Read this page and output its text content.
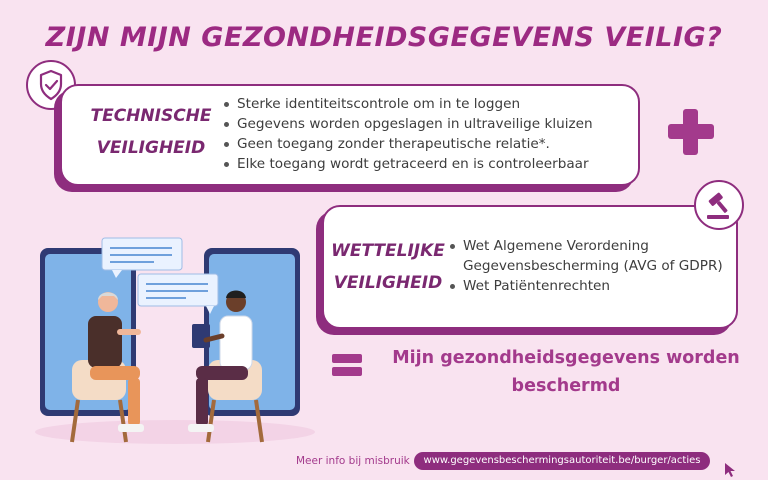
ZIJN MIJN GEZONDHEIDSGEGEVENS VEILIG?
TECHNISCHE
VEILIGHEID
Sterke identiteitscontrole om in te loggen
Gegevens worden opgeslagen in ultraveilige kluizen
Geen toegang zonder therapeutische relatie*.
Elke toegang wordt getraceerd en is controleerbaar
WETTELIJKE
VEILIGHEID
Wet Algemene Verordening Gegevensbescherming (AVG of GDPR)
Wet Patiëntenrechten
Mijn gezondheidsgegevens worden beschermd
Meer info bij misbruik	www.gegevensbeschermingsautoriteit.be/burger/acties
